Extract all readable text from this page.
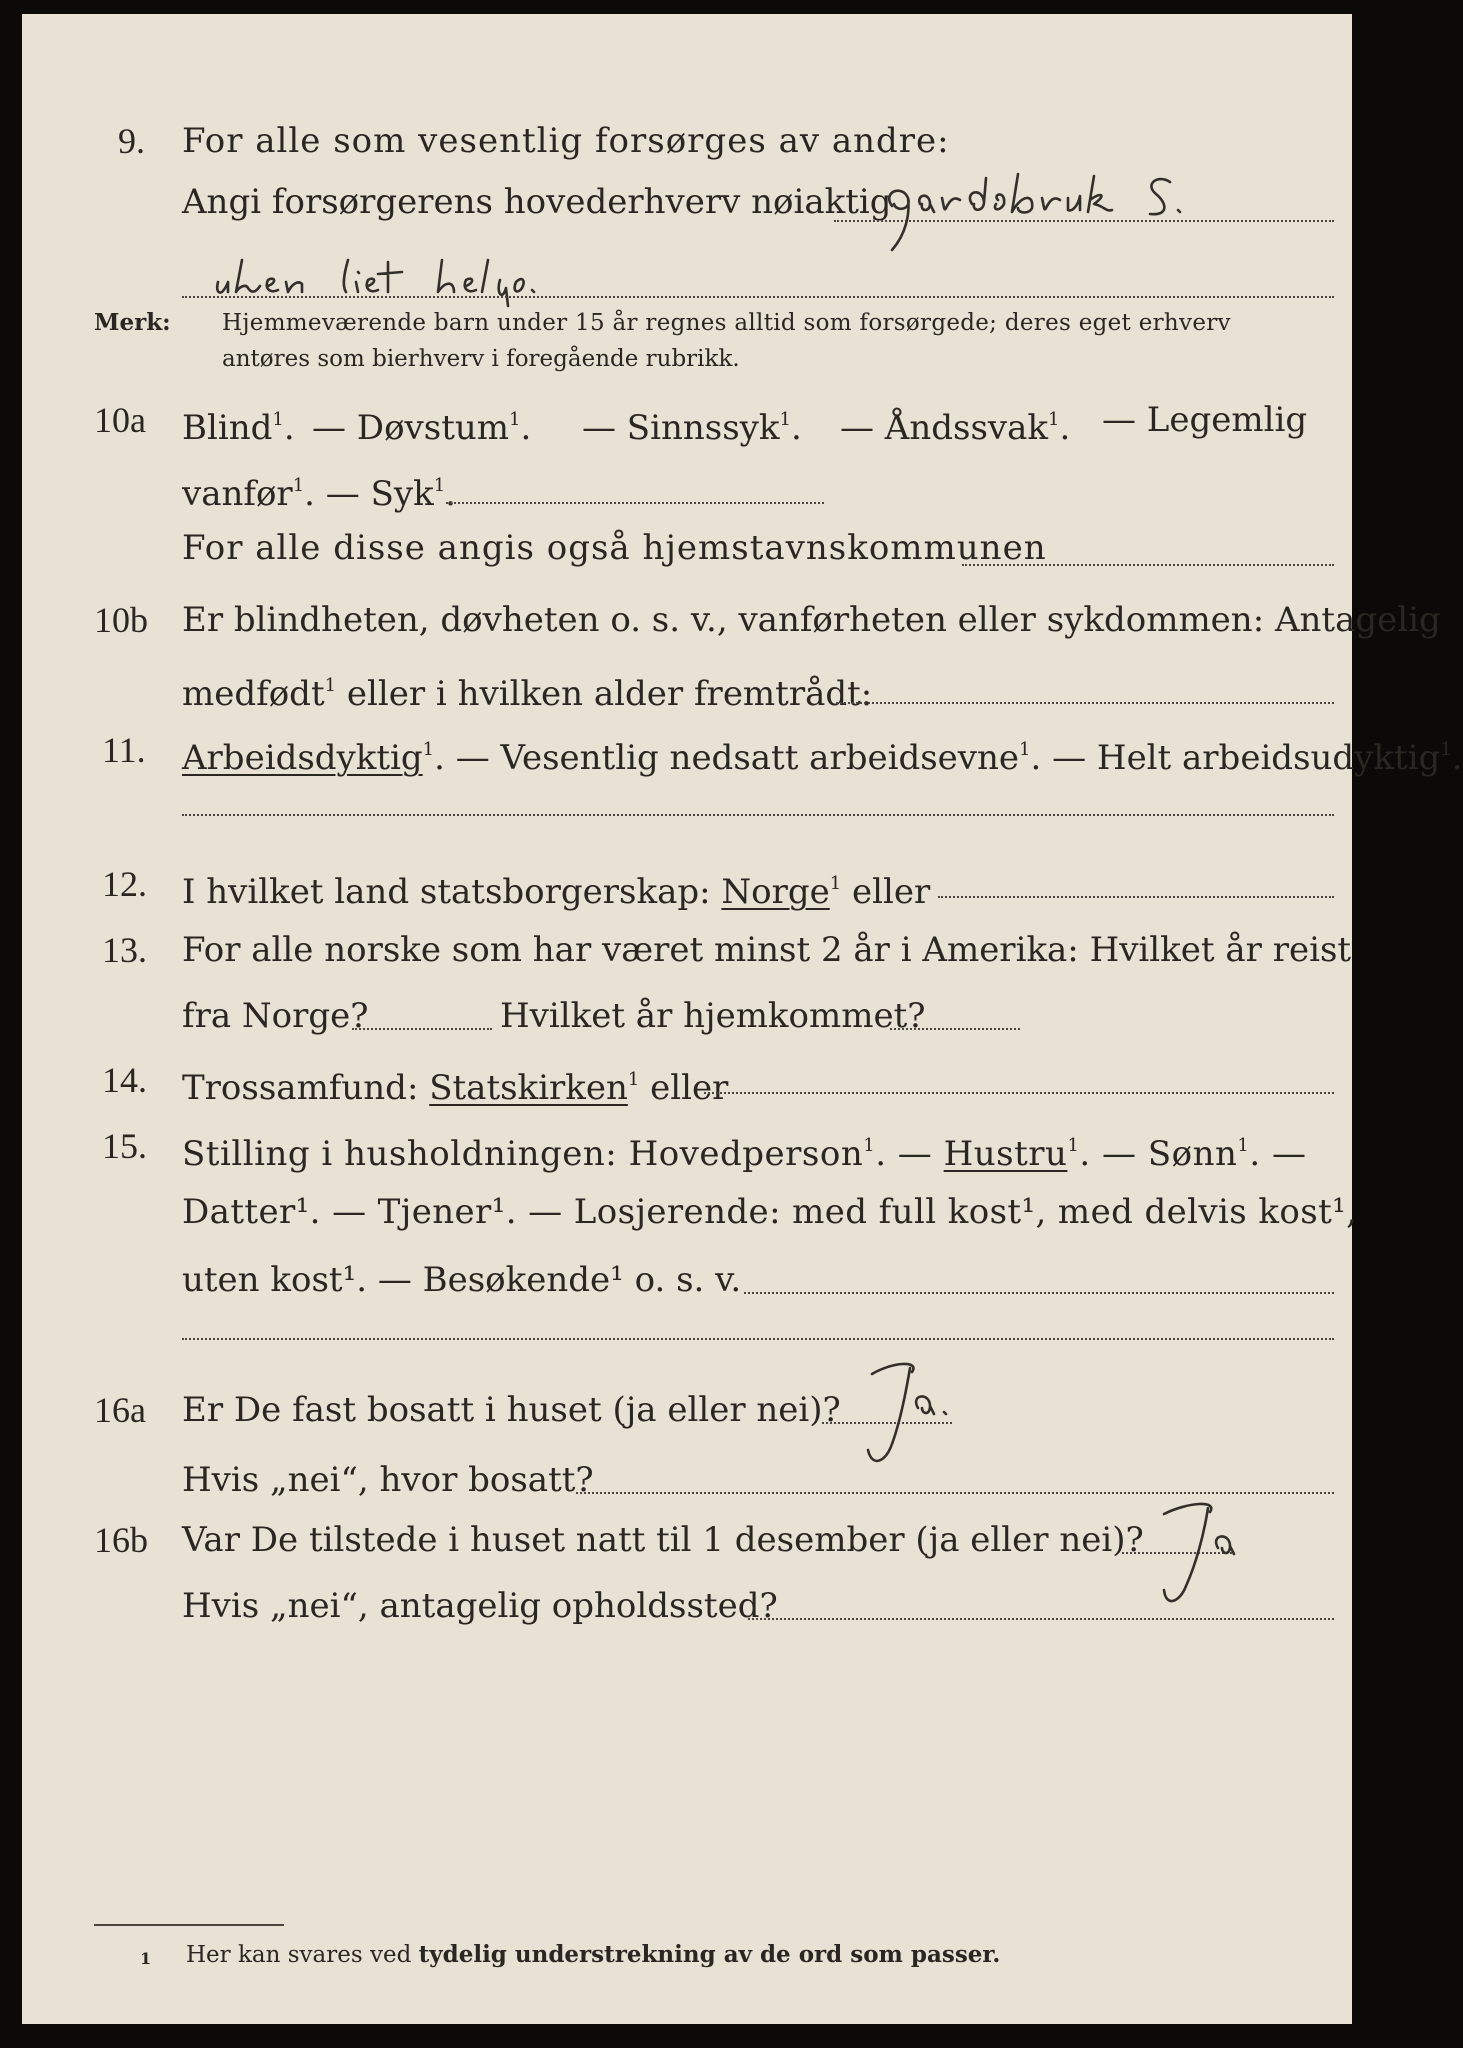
9. For alle som vesentlig forsørges av andre:
Angi forsørgerens hovederhverv nøiaktig
Merk: Hjemmeværende barn under 15 år regnes alltid som forsørgede; deres eget erhverv
antøres som bierhverv i foregående rubrikk.
10a Blind$^1$. — Døvstum$^1$. — Sinnssyk$^1$. — Åndssvak$^1$. — Legemlig
vanfør$^1$. — Syk$^1$.
For alle disse angis også hjemstavnskommunen
10b Er blindheten, døvheten o. s. v., vanførheten eller sykdommen: Antagelig
medfødt$^1$ eller i hvilken alder fremtrådt:
11. Arbeidsdyktig$^1$. — Vesentlig nedsatt arbeidsevne$^1$. — Helt arbeidsudyktig$^1$.
12. I hvilket land statsborgerskap: Norge$^1$ eller
13. For alle norske som har været minst 2 år i Amerika: Hvilket år reist
fra Norge?	Hvilket år hjemkommet?
14. Trossamfund: Statskirken$^1$ eller
15. Stilling i husholdningen: Hovedperson$^1$. — Hustru$^1$. — Sønn$^1$. —
Datter¹. — Tjener¹. — Losjerende: med full kost¹, med delvis kost¹,
uten kost¹. — Besøkende¹ o. s. v.
16a Er De fast bosatt i huset (ja eller nei)?
Hvis „nei“, hvor bosatt?
16b Var De tilstede i huset natt til 1 desember (ja eller nei)?
Hvis „nei“, antagelig opholdssted?
1 Her kan svares ved tydelig understrekning av de ord som passer.
